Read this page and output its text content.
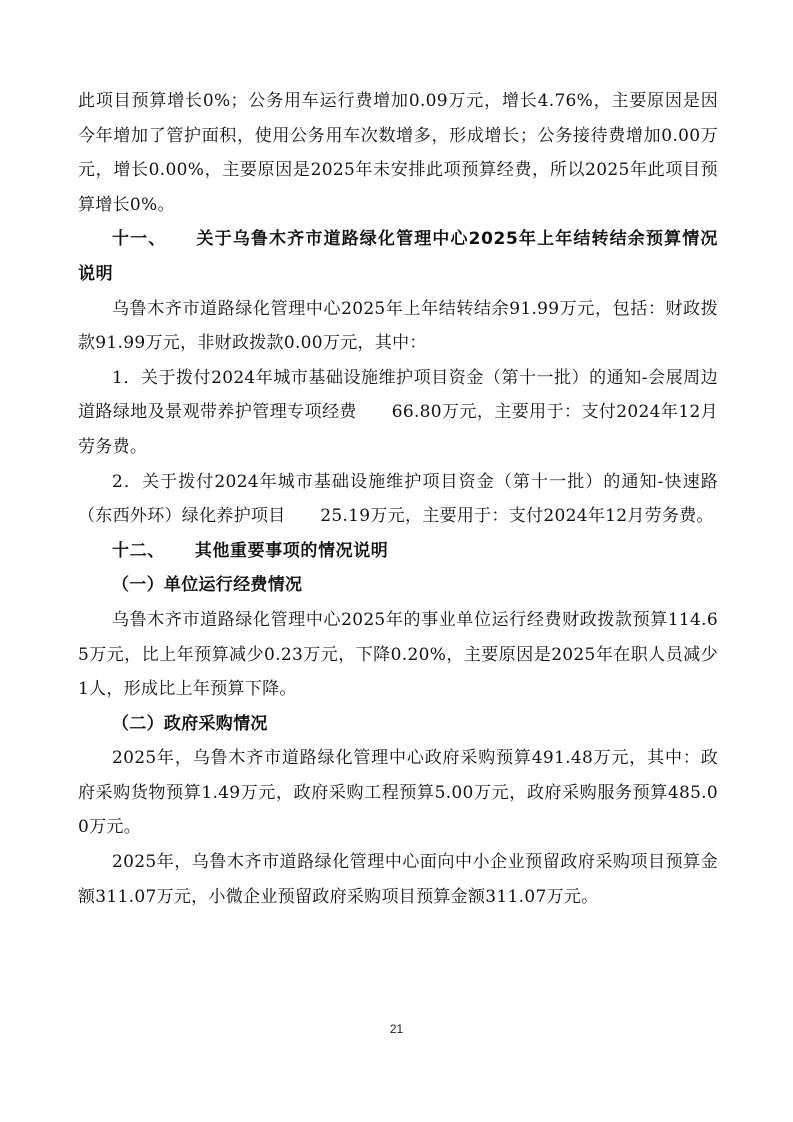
此项目预算增长0%；公务用车运行费增加0.09万元，增长4.76%，主要原因是因今年增加了管护面积，使用公务用车次数增多，形成增长；公务接待费增加0.00万元，增长0.00%，主要原因是2025年未安排此项预算经费，所以2025年此项目预算增长0%。

十一、 关于乌鲁木齐市道路绿化管理中心2025年上年结转结余预算情况说明

乌鲁木齐市道路绿化管理中心2025年上年结转结余91.99万元，包括：财政拨款91.99万元，非财政拨款0.00万元，其中：

1．关于拨付2024年城市基础设施维护项目资金（第十一批）的通知-会展周边道路绿地及景观带养护管理专项经费　　66.80万元，主要用于：支付2024年12月劳务费。

2．关于拨付2024年城市基础设施维护项目资金（第十一批）的通知-快速路（东西外环）绿化养护项目　　25.19万元，主要用于：支付2024年12月劳务费。

十二、 其他重要事项的情况说明

（一）单位运行经费情况

乌鲁木齐市道路绿化管理中心2025年的事业单位运行经费财政拨款预算114.65万元，比上年预算减少0.23万元，下降0.20%，主要原因是2025年在职人员减少1人，形成比上年预算下降。

（二）政府采购情况

2025年，乌鲁木齐市道路绿化管理中心政府采购预算491.48万元，其中：政府采购货物预算1.49万元，政府采购工程预算5.00万元，政府采购服务预算485.00万元。

2025年，乌鲁木齐市道路绿化管理中心面向中小企业预留政府采购项目预算金额311.07万元，小微企业预留政府采购项目预算金额311.07万元。

21
